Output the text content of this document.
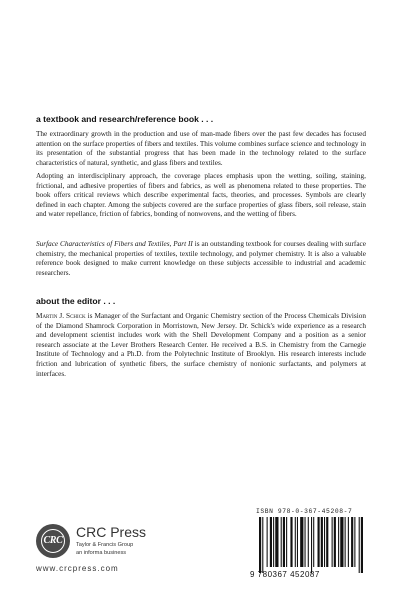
a textbook and research/reference book . . .

The extraordinary growth in the production and use of man-made fibers over the past few decades has focused attention on the surface properties of fibers and textiles. This volume combines surface science and technology in its presentation of the substantial progress that has been made in the technology related to the surface characteristics of natural, synthetic, and glass fibers and textiles.

Adopting an interdisciplinary approach, the coverage places emphasis upon the wetting, soiling, staining, frictional, and adhesive properties of fibers and fabrics, as well as phenomena related to these properties. The book offers critical reviews which describe experimental facts, theories, and processes. Symbols are clearly defined in each chapter. Among the subjects covered are the surface properties of glass fibers, soil release, stain and water repellance, friction of fabrics, bonding of nonwovens, and the wetting of fibers.

Surface Characteristics of Fibers and Textiles, Part II is an outstanding textbook for courses dealing with surface chemistry, the mechanical properties of textiles, textile technology, and polymer chemistry. It is also a valuable reference book designed to make current knowledge on these subjects accessible to industrial and academic researchers.

about the editor . . .

Martin J. Schick is Manager of the Surfactant and Organic Chemistry section of the Process Chemicals Division of the Diamond Shamrock Corporation in Morristown, New Jersey. Dr. Schick's wide experience as a research and development scientist includes work with the Shell Development Company and a position as a senior research associate at the Lever Brothers Research Center. He received a B.S. in Chemistry from the Carnegie Institute of Technology and a Ph.D. from the Polytechnic Institute of Brooklyn. His research interests include friction and lubrication of synthetic fibers, the surface chemistry of nonionic surfactants, and polymers at interfaces.

CRC
CRC Press
Taylor & Francis Group
an informa business
www.crcpress.com
ISBN 978-0-367-45208-7
9 780367 452087
